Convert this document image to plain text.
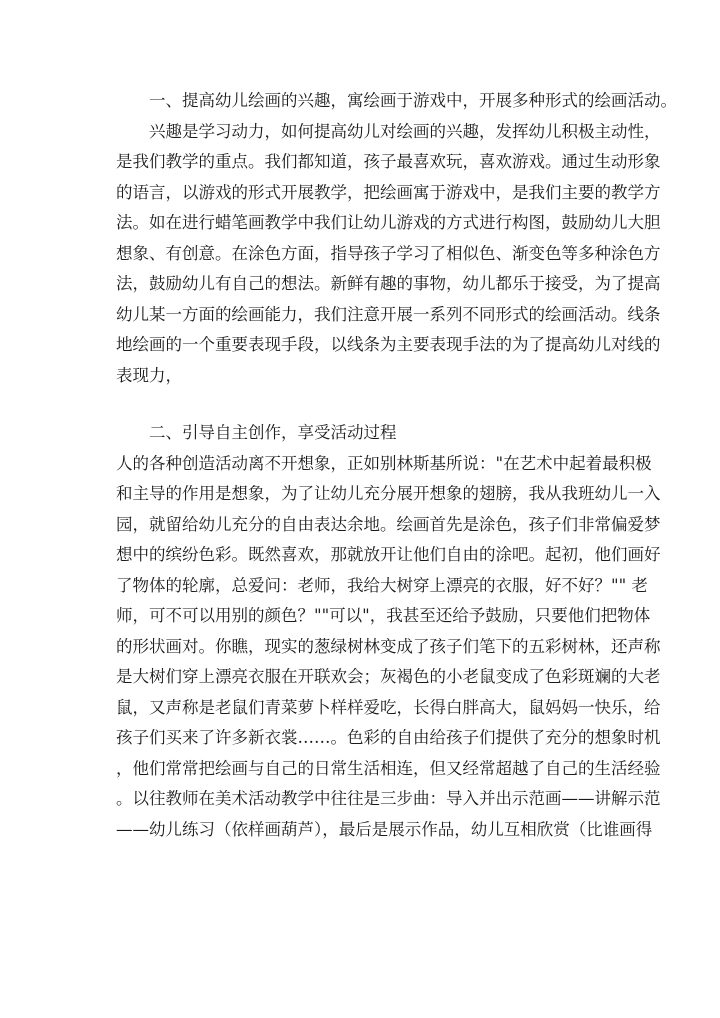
一、提高幼儿绘画的兴趣，寓绘画于游戏中，开展多种形式的绘画活动。
兴趣是学习动力，如何提高幼儿对绘画的兴趣，发挥幼儿积极主动性，
是我们教学的重点。我们都知道，孩子最喜欢玩，喜欢游戏。通过生动形象
的语言，以游戏的形式开展教学，把绘画寓于游戏中，是我们主要的教学方
法。如在进行蜡笔画教学中我们让幼儿游戏的方式进行构图，鼓励幼儿大胆
想象、有创意。在涂色方面，指导孩子学习了相似色、渐变色等多种涂色方
法，鼓励幼儿有自己的想法。新鲜有趣的事物，幼儿都乐于接受，为了提高
幼儿某一方面的绘画能力，我们注意开展一系列不同形式的绘画活动。线条
地绘画的一个重要表现手段，以线条为主要表现手法的为了提高幼儿对线的
表现力，
二、引导自主创作，享受活动过程
人的各种创造活动离不开想象，正如别林斯基所说："在艺术中起着最积极
和主导的作用是想象，为了让幼儿充分展开想象的翅膀，我从我班幼儿一入
园，就留给幼儿充分的自由表达余地。绘画首先是涂色，孩子们非常偏爱梦
想中的缤纷色彩。既然喜欢，那就放开让他们自由的涂吧。起初，他们画好
了物体的轮廓，总爱问：老师，我给大树穿上漂亮的衣服，好不好？"" 老
师，可不可以用别的颜色？""可以"，我甚至还给予鼓励，只要他们把物体
的形状画对。你瞧，现实的葱绿树林变成了孩子们笔下的五彩树林，还声称
是大树们穿上漂亮衣服在开联欢会；灰褐色的小老鼠变成了色彩斑斓的大老
鼠，又声称是老鼠们青菜萝卜样样爱吃，长得白胖高大，鼠妈妈一快乐，给
孩子们买来了许多新衣裳……。色彩的自由给孩子们提供了充分的想象时机
，他们常常把绘画与自己的日常生活相连，但又经常超越了自己的生活经验
。以往教师在美术活动教学中往往是三步曲：导入并出示范画——讲解示范
——幼儿练习（依样画葫芦），最后是展示作品，幼儿互相欣赏（比谁画得
